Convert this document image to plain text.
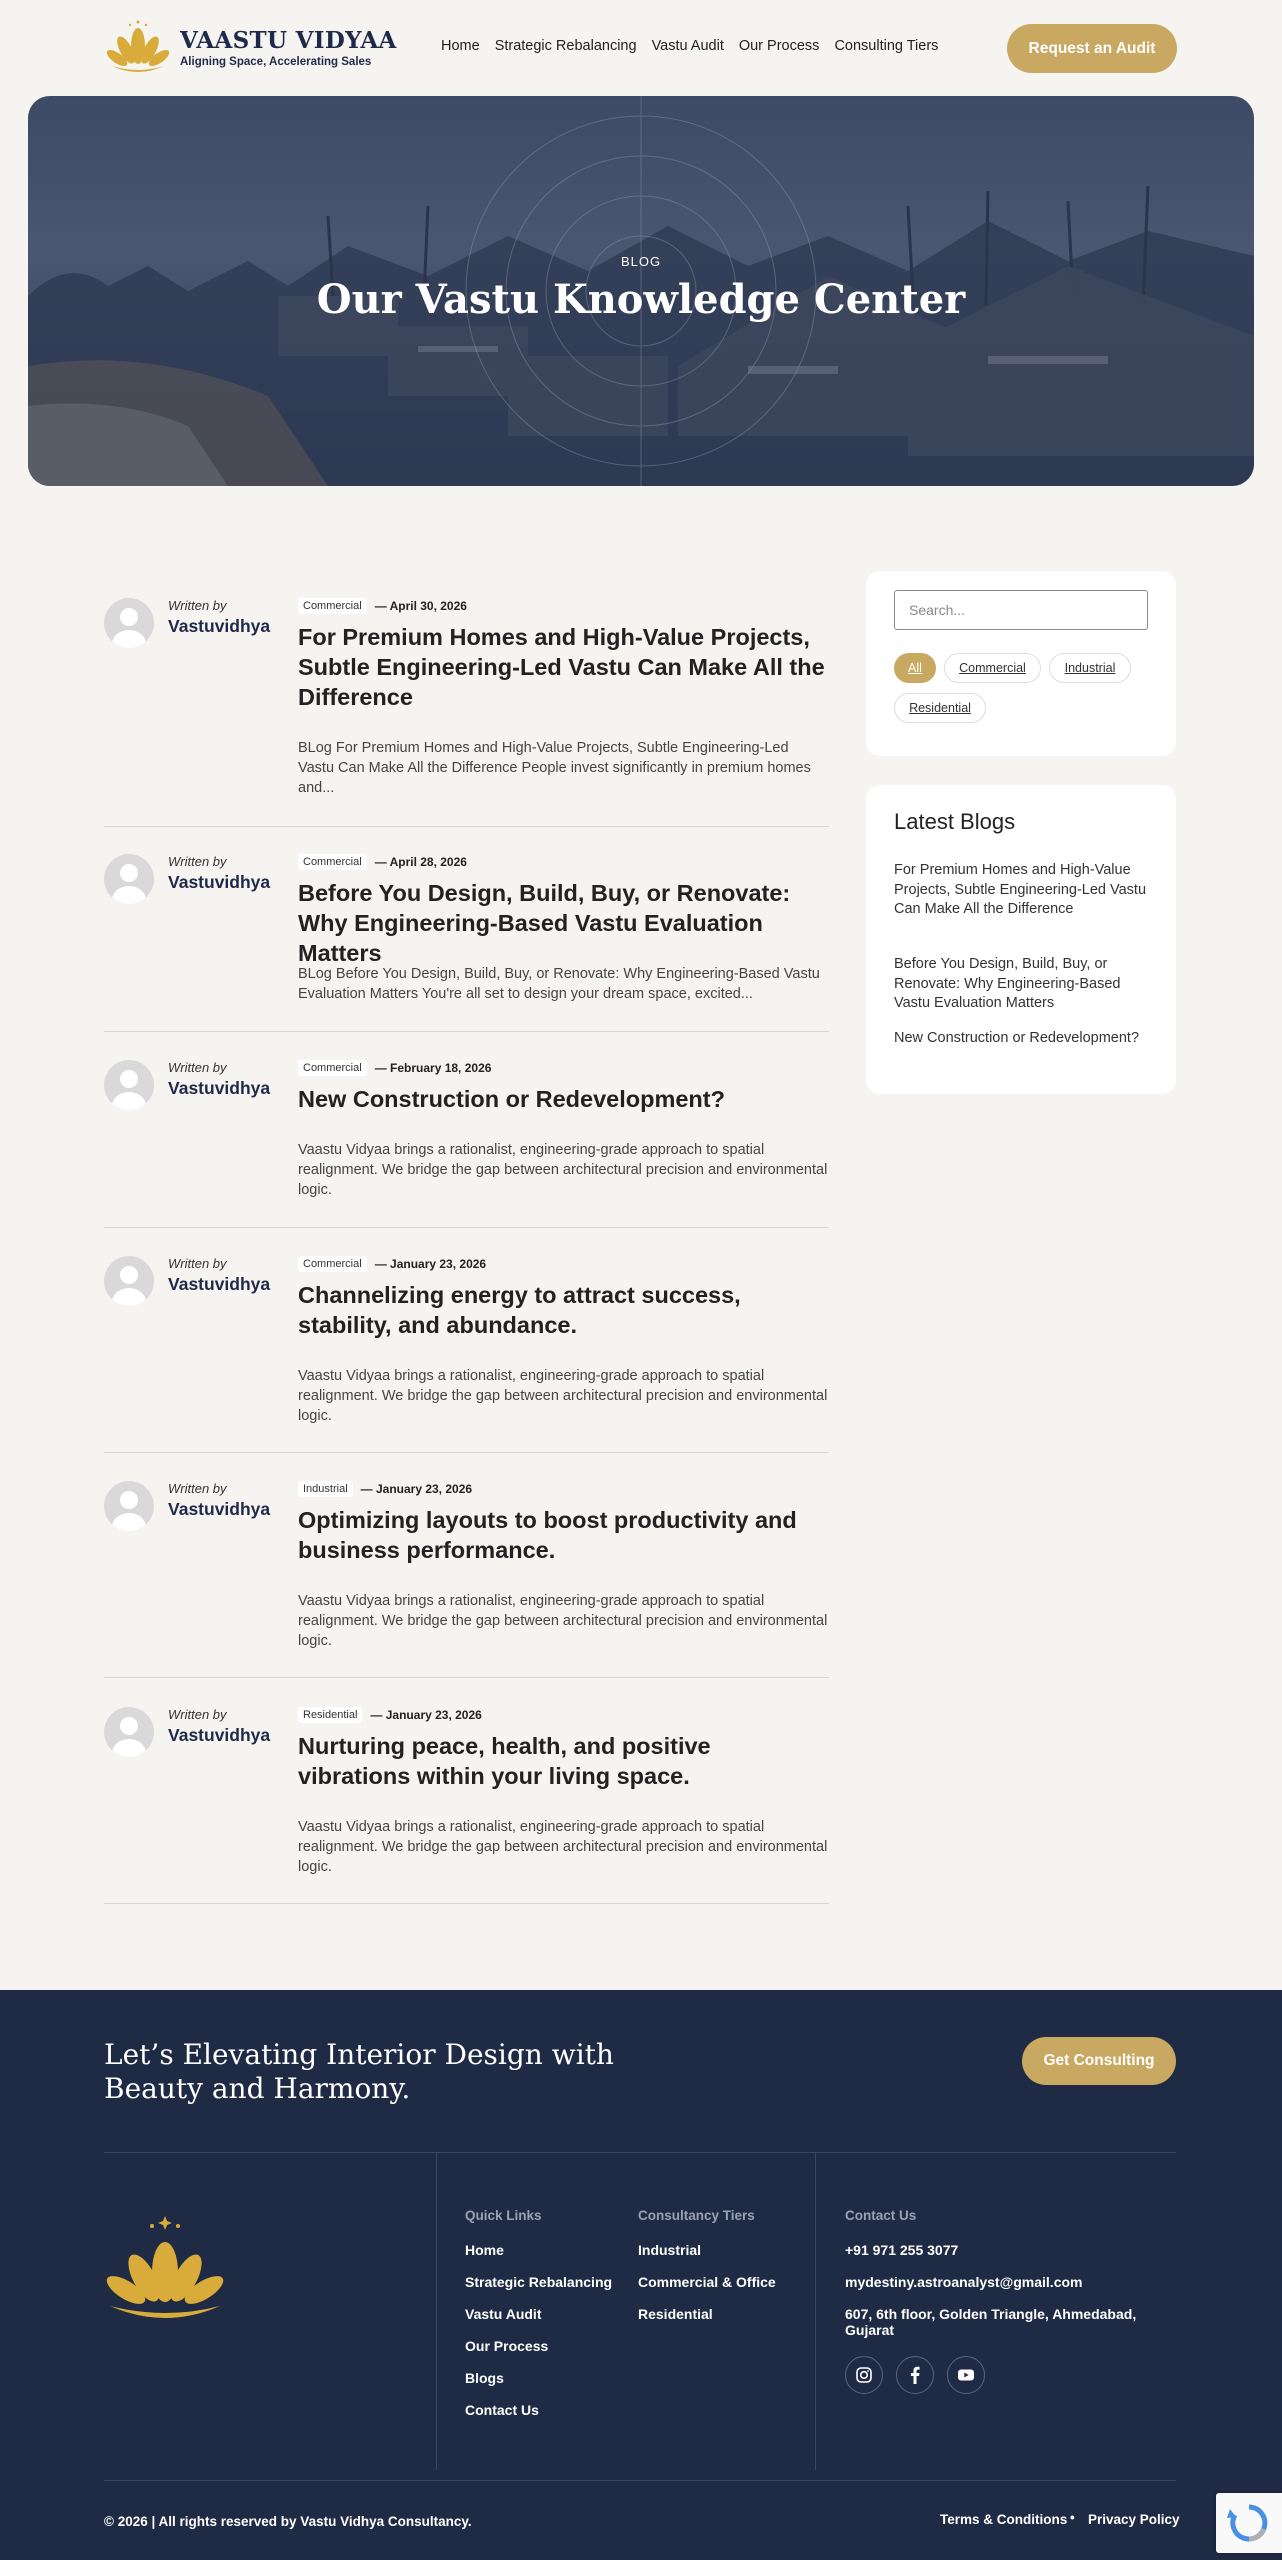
VAASTU VIDYAA
Aligning Space, Accelerating Sales
Home Strategic Rebalancing Vastu Audit Our Process Consulting Tiers	Request an Audit
BLOG
Our Vastu Knowledge Center
Written by
Vastuvidhya
Commercial	— April 30, 2026
For Premium Homes and High-Value Projects, Subtle Engineering-Led Vastu Can Make All the Difference

BLog For Premium Homes and High-Value Projects, Subtle Engineering-Led Vastu Can Make All the Difference People invest significantly in premium homes and...

Written by
Vastuvidhya
Commercial	— April 28, 2026
Before You Design, Build, Buy, or Renovate: Why Engineering-Based Vastu Evaluation Matters

BLog Before You Design, Build, Buy, or Renovate: Why Engineering-Based Vastu Evaluation Matters You're all set to design your dream space, excited...

Written by
Vastuvidhya
Commercial	— February 18, 2026
New Construction or Redevelopment?

Vaastu Vidyaa brings a rationalist, engineering-grade approach to spatial realignment. We bridge the gap between architectural precision and environmental logic.

Written by
Vastuvidhya
Commercial	— January 23, 2026
Channelizing energy to attract success, stability, and abundance.

Vaastu Vidyaa brings a rationalist, engineering-grade approach to spatial realignment. We bridge the gap between architectural precision and environmental logic.

Written by
Vastuvidhya
Industrial	— January 23, 2026
Optimizing layouts to boost productivity and business performance.

Vaastu Vidyaa brings a rationalist, engineering-grade approach to spatial realignment. We bridge the gap between architectural precision and environmental logic.

Written by
Vastuvidhya
Residential	— January 23, 2026
Nurturing peace, health, and positive vibrations within your living space.

Vaastu Vidyaa brings a rationalist, engineering-grade approach to spatial realignment. We bridge the gap between architectural precision and environmental logic.

Search...
All	Commercial	Industrial
Residential
Latest Blogs
For Premium Homes and High-Value Projects, Subtle Engineering-Led Vastu Can Make All the Difference
Before You Design, Build, Buy, or Renovate: Why Engineering-Based Vastu Evaluation Matters
New Construction or Redevelopment?
Let’s Elevating Interior Design with Beauty and Harmony.
Get Consulting
Quick Links
Home
Strategic Rebalancing
Vastu Audit
Our Process
Blogs
Contact Us
Consultancy Tiers
Industrial
Commercial & Office
Residential
Contact Us
+91 971 255 3077
mydestiny.astroanalyst@gmail.com
607, 6th floor, Golden Triangle, Ahmedabad, Gujarat
© 2026 | All rights reserved by Vastu Vidhya Consultancy.	Terms & Conditions • Privacy Policy
